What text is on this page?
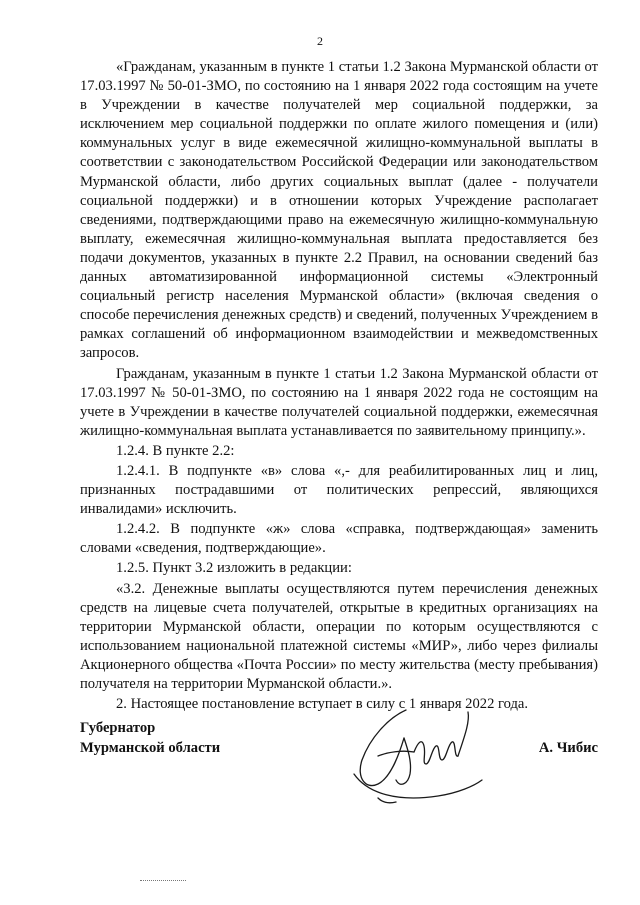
2

«Гражданам, указанным в пункте 1 статьи 1.2 Закона Мурманской области от 17.03.1997 № 50-01-ЗМО, по состоянию на 1 января 2022 года состоящим на учете в Учреждении в качестве получателей мер социальной поддержки, за исключением мер социальной поддержки по оплате жилого помещения и (или) коммунальных услуг в виде ежемесячной жилищно-коммунальной выплаты в соответствии с законодательством Российской Федерации или законодательством Мурманской области, либо других социальных выплат (далее - получатели социальной поддержки) и в отношении которых Учреждение располагает сведениями, подтверждающими право на ежемесячную жилищно-коммунальную выплату, ежемесячная жилищно-коммунальная выплата предоставляется без подачи документов, указанных в пункте 2.2 Правил, на основании сведений баз данных автоматизированной информационной системы «Электронный социальный регистр населения Мурманской области» (включая сведения о способе перечисления денежных средств) и сведений, полученных Учреждением в рамках соглашений об информационном взаимодействии и межведомственных запросов.

Гражданам, указанным в пункте 1 статьи 1.2 Закона Мурманской области от 17.03.1997 № 50-01-ЗМО, по состоянию на 1 января 2022 года не состоящим на учете в Учреждении в качестве получателей социальной поддержки, ежемесячная жилищно-коммунальная выплата устанавливается по заявительному принципу.».

1.2.4. В пункте 2.2:

1.2.4.1. В подпункте «в» слова «,- для реабилитированных лиц и лиц, признанных пострадавшими от политических репрессий, являющихся инвалидами» исключить.

1.2.4.2. В подпункте «ж» слова «справка, подтверждающая» заменить словами «сведения, подтверждающие».

1.2.5. Пункт 3.2 изложить в редакции:

«3.2. Денежные выплаты осуществляются путем перечисления денежных средств на лицевые счета получателей, открытые в кредитных организациях на территории Мурманской области, операции по которым осуществляются с использованием национальной платежной системы «МИР», либо через филиалы Акционерного общества «Почта России» по месту жительства (месту пребывания) получателя на территории Мурманской области.».

2. Настоящее постановление вступает в силу с 1 января 2022 года.

Губернатор
Мурманской области	А. Чибис
